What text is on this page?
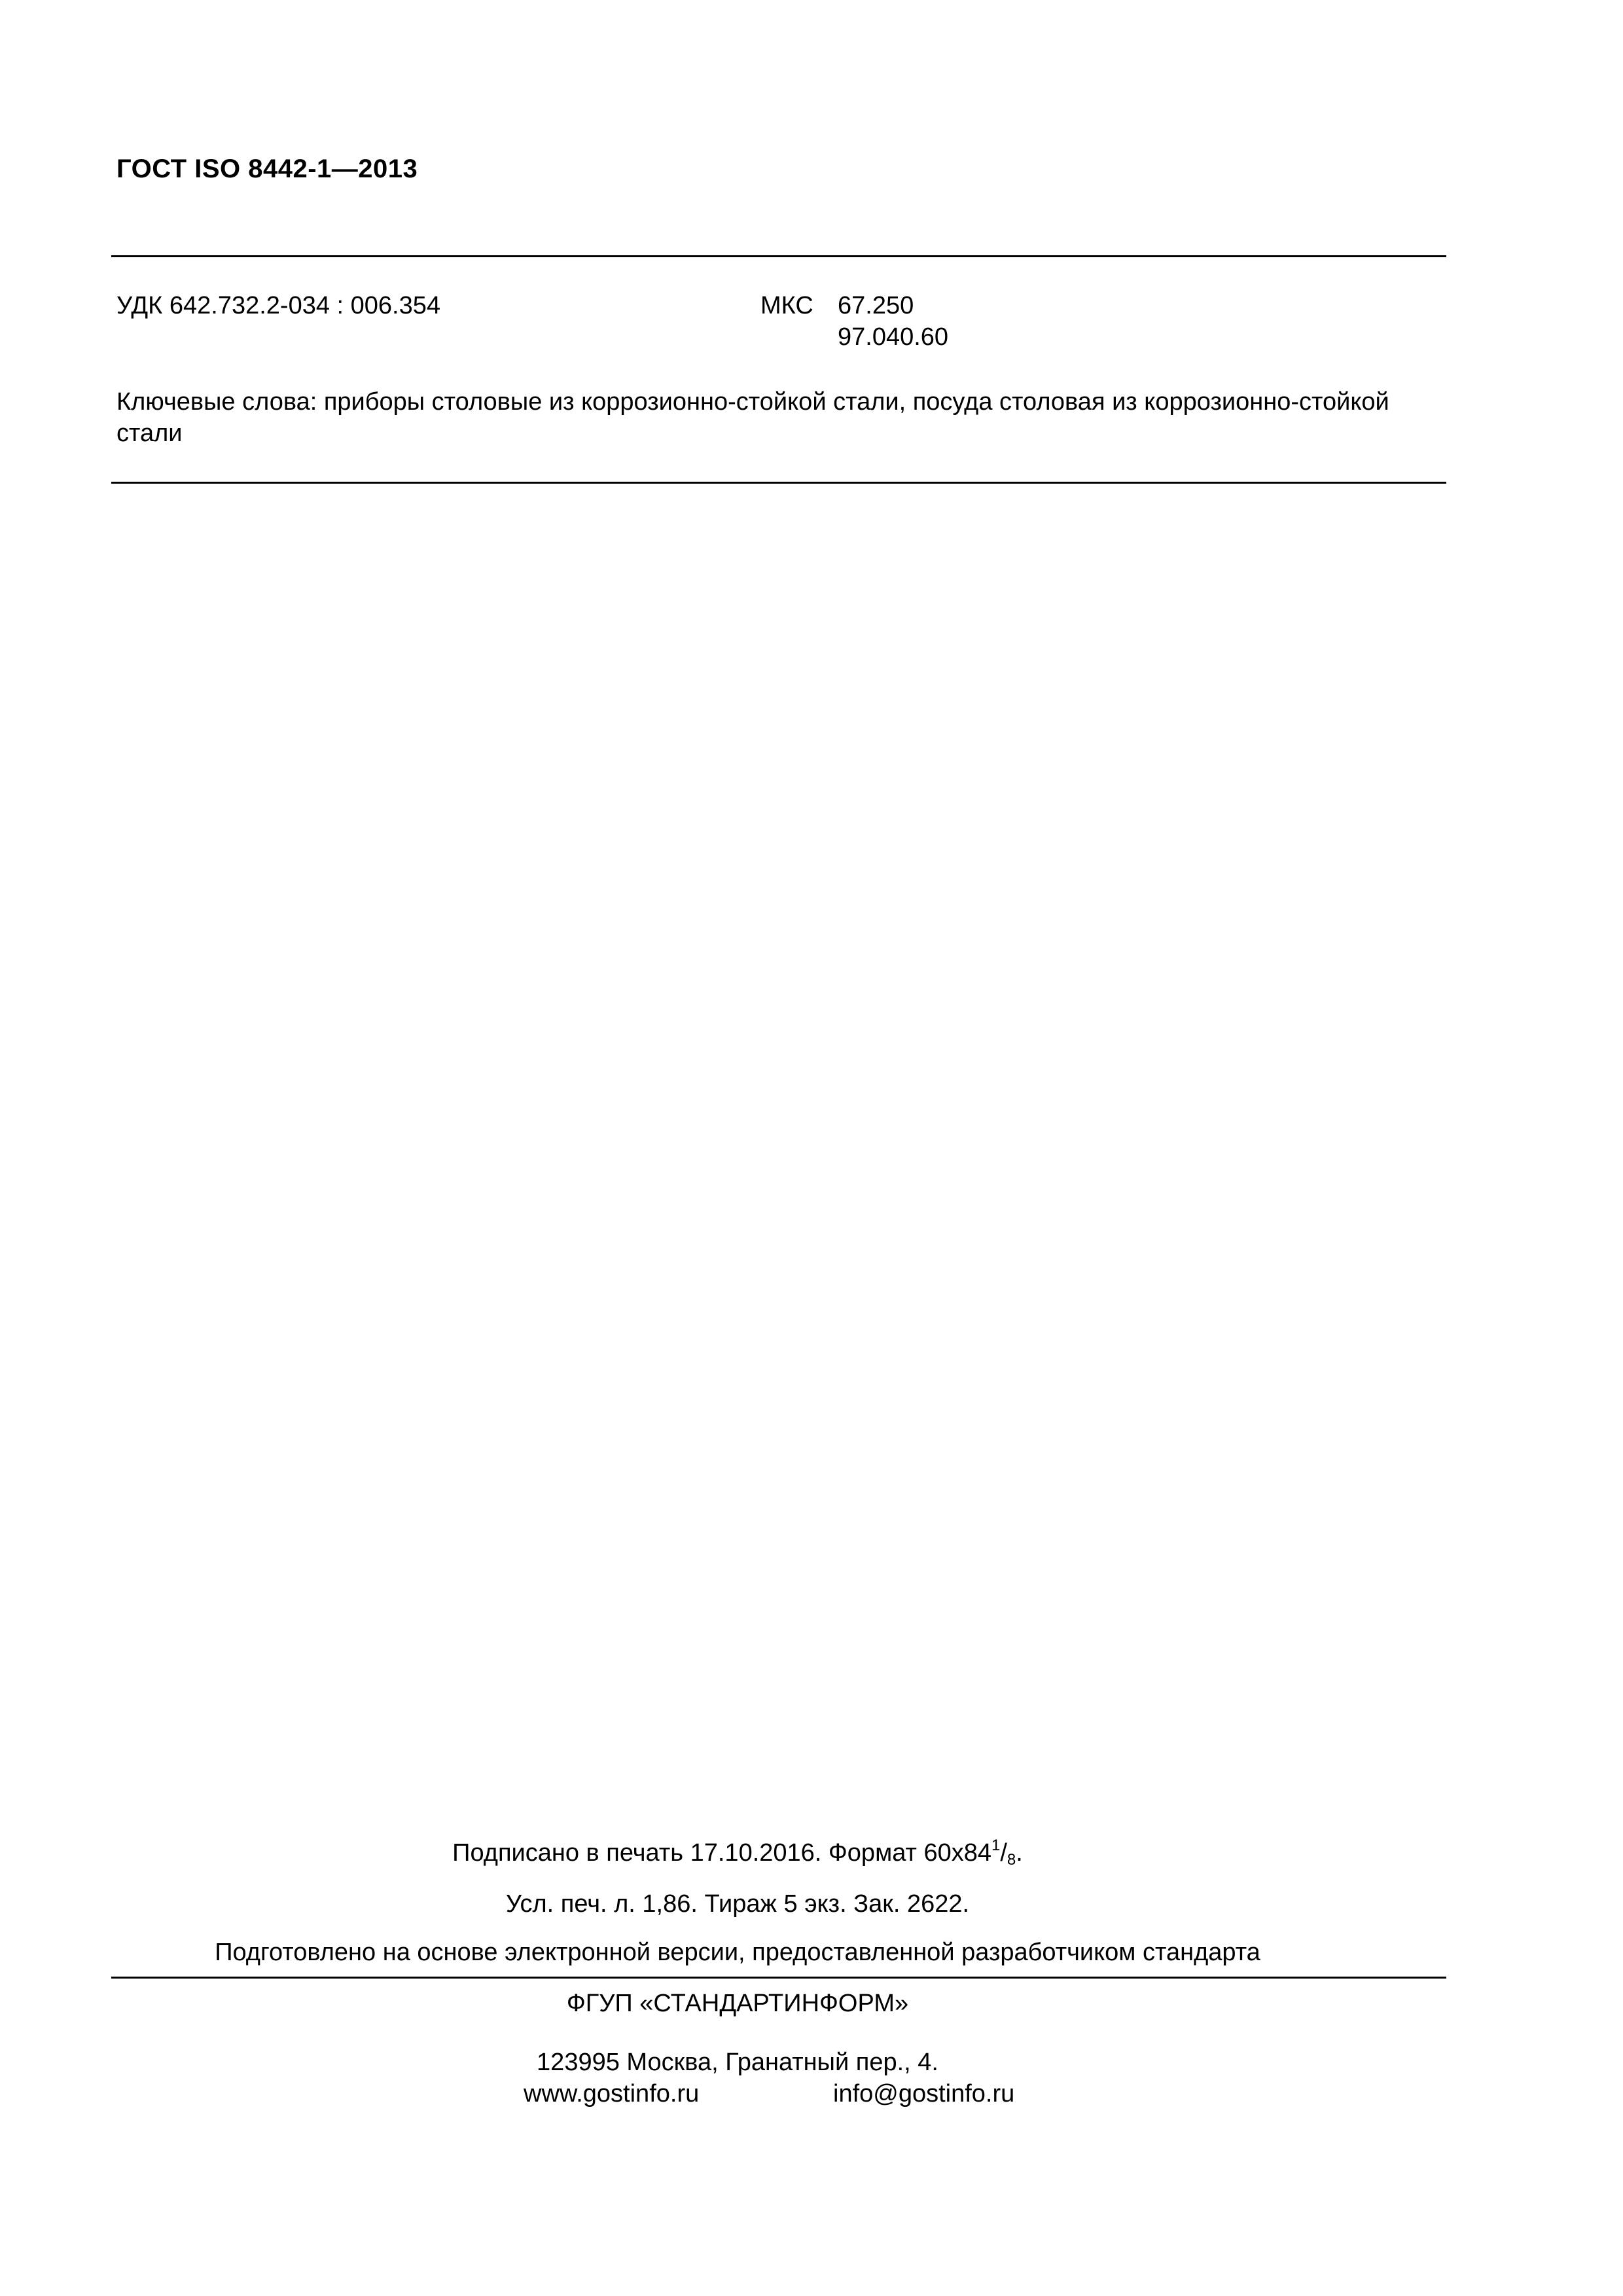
ГОСТ ISO 8442-1—2013
УДК 642.732.2-034 : 006.354	МКС 67.250
97.040.60
Ключевые слова: приборы столовые из коррозионно-стойкой стали, посуда столовая из коррозионно-стойкой стали
Подписано в печать 17.10.2016. Формат $60x84^1/_8$.
Усл. печ. л. 1,86. Тираж 5 экз. Зак. 2622.
Подготовлено на основе электронной версии, предоставленной разработчиком стандарта
ФГУП «СТАНДАРТИНФОРМ»
123995 Москва, Гранатный пер., 4.
www.gostinfo.ru	info@gostinfo.ru
